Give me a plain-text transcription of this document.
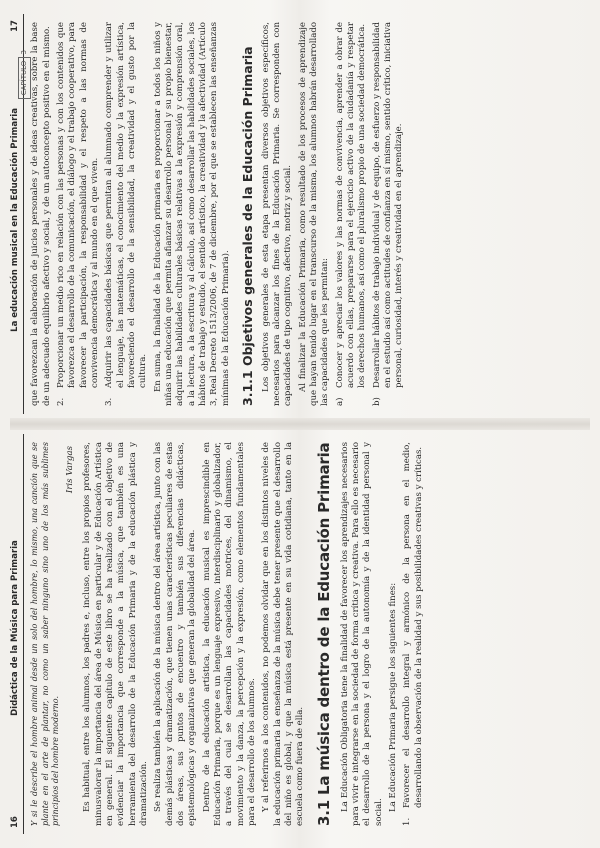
16
Didáctica de la Música para Primaria Y si le describe el hombre animal desde un solo del hombre, lo mismo, una canción que se plante en el arte de plantar, no como un saber ninguno sino uno de los más sublimes principios del hombre moderno.

Iris Vargas Es habitual, entre los alumnos, los padres e, incluso, entre los propios profesores, minusvalorar la importancia del área de Música en particular y de Educación Artística en general. El siguiente capítulo de este libro se ha realizado con el objetivo de evidenciar la importancia que corresponde a la música, que también es una herramienta del desarrollo de la Educación Primaria y de la educación plástica y dramatización. Se realiza también la aplicación de la música dentro del área artística, junto con las demás plásticas y dramatización, que tienen unas características peculiares de estas dos áreas, sus puntos de encuentro y también sus diferencias didácticas, epistemológicas y organizativas que generan la globalidad del área. Dentro de la educación artística, la educación musical es imprescindible en Educación Primaria, porque es un lenguaje expresivo, interdisciplinario y globalizador, a través del cual se desarrollan las capacidades motrices, del dinamismo, el movimiento y la danza, la percepción y la expresión, como elementos fundamentales para el desarrollo de los alumnos. Y al referirnos a los contenidos, no podemos olvidar que en los distintos niveles de la educación primaria la enseñanza de la música debe tener presente que el desarrollo del niño es global, y que la música está presente en su vida cotidiana, tanto en la escuela como fuera de ella. 3.1 La música dentro de la Educación Primaria La Educación Obligatoria tiene la finalidad de favorecer los aprendizajes necesarios para vivir e integrarse en la sociedad de forma crítica y creativa. Para ello es necesario el desarrollo de la persona y el logro de la autonomía y de la identidad personal y social.

La Educación Primaria persigue los siguientes fines:

1.
Favorecer el desarrollo integral y armónico de la persona en el medio, desarrollando la observación de la realidad y sus posibilidades creativas y críticas.
La educación musical en la Educación Primaria
17
CAPÍTULO 3 que favorezcan la elaboración de juicios personales y de ideas creativas, sobre la base de un adecuado equilibrio afectivo y social, y de un autoconcepto positivo en el mismo. 2.
Proporcionar un medio rico en relación con las personas y con los contenidos que favorezca el desarrollo de la comunicación, el diálogo y el trabajo cooperativo, para favorecer la participación, la responsabilidad y el respeto a las normas de convivencia democrática y al mundo en el que viven.
3.
Adquirir las capacidades básicas que permitan al alumnado comprender y utilizar el lenguaje, las matemáticas, el conocimiento del medio y la expresión artística, favoreciendo el desarrollo de la sensibilidad, la creatividad y el gusto por la cultura. En suma, la finalidad de la Educación primaria es proporcionar a todos los niños y niñas una educación que permita afianzar su desarrollo personal y su propio bienestar, adquirir las habilidades culturales básicas relativas a la expresión y comprensión oral, a la lectura, a la escritura y al cálculo, así como desarrollar las habilidades sociales, los hábitos de trabajo y estudio, el sentido artístico, la creatividad y la afectividad (Artículo 3, Real Decreto 1513/2006, de 7 de diciembre, por el que se establecen las enseñanzas mínimas de la Educación Primaria). 3.1.1 Objetivos generales de la Educación Primaria Los objetivos generales de esta etapa presentan diversos objetivos específicos, necesarios para alcanzar los fines de la Educación Primaria. Se corresponden con capacidades de tipo cognitivo, afectivo, motriz y social. Al finalizar la Educación Primaria, como resultado de los procesos de aprendizaje que hayan tenido lugar en el transcurso de la misma, los alumnos habrán desarrollado las capacidades que les permitan: a)
Conocer y apreciar los valores y las normas de convivencia, aprender a obrar de acuerdo con ellas, prepararse para el ejercicio activo de la ciudadanía y respetar los derechos humanos, así como el pluralismo propio de una sociedad democrática.
b)
Desarrollar hábitos de trabajo individual y de equipo, de esfuerzo y responsabilidad en el estudio así como actitudes de confianza en sí mismo, sentido crítico, iniciativa personal, curiosidad, interés y creatividad en el aprendizaje.
